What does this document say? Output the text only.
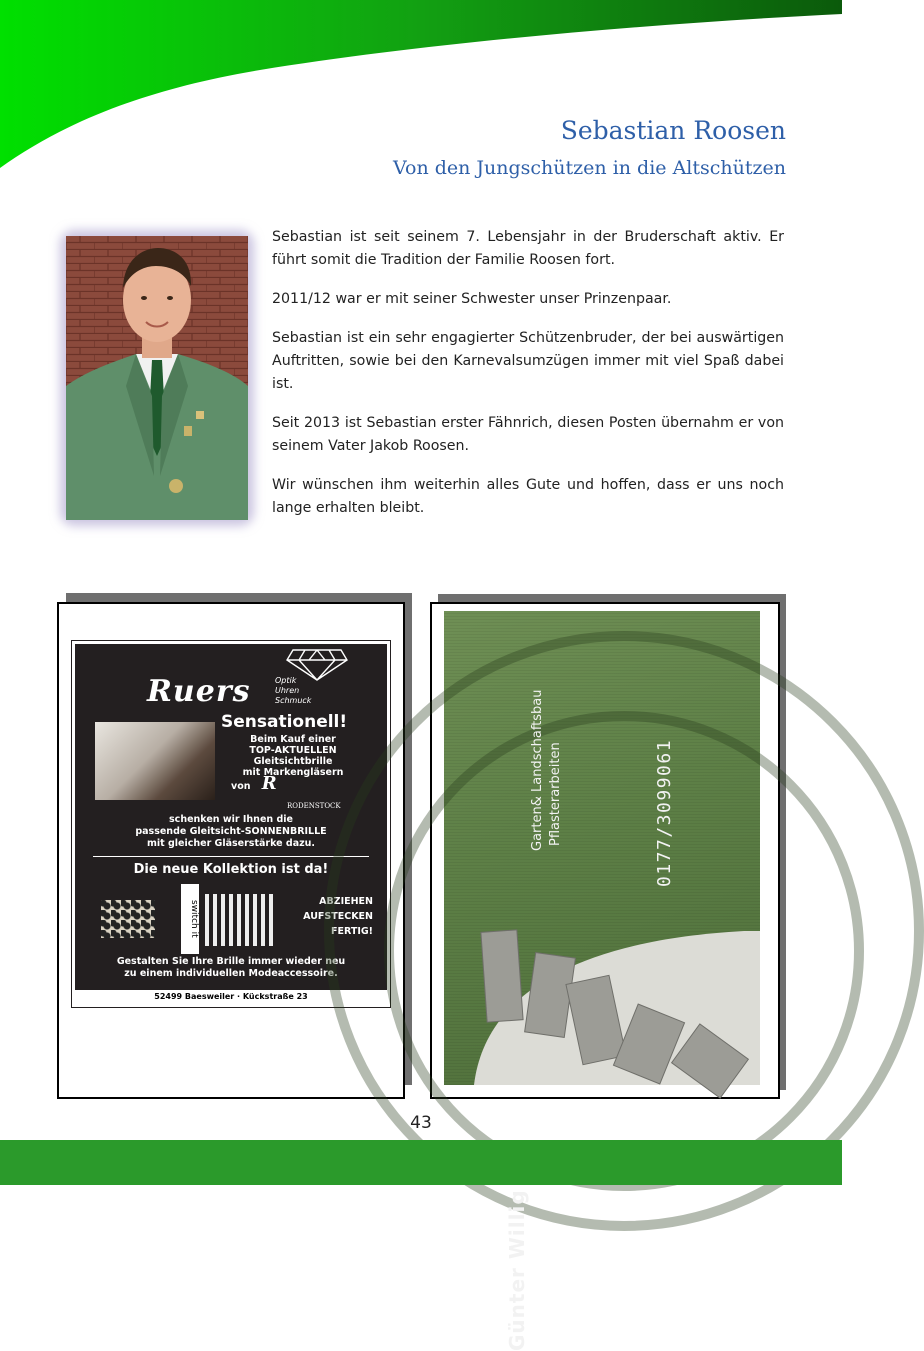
Sebastian Roosen
Von den Jungschützen in die Altschützen

Sebastian ist seit seinem 7. Lebensjahr in der Bruderschaft aktiv. Er führt somit die Tradition der Familie Roosen fort.

2011/12 war er mit seiner Schwester unser Prinzenpaar.

Sebastian ist ein sehr engagierter Schützenbruder, der bei auswärtigen Auftritten, sowie bei den Karnevalsumzügen immer mit viel Spaß dabei ist.

Seit 2013 ist Sebastian erster Fähnrich, diesen Posten übernahm er von seinem Vater Jakob Roosen.

Wir wünschen ihm weiterhin alles Gute und hoffen, dass er uns noch lange erhalten bleibt.

Ruers	Optik
Uhren
Schmuck
Sensationell!
Beim Kauf einer
TOP-AKTUELLEN
Gleitsichtbrille
mit Markengläsern
von R
RODENSTOCK
schenken wir Ihnen die
passende Gleitsicht-SONNENBRILLE
mit gleicher Gläserstärke dazu.
Die neue Kollektion ist da!
switch it	ABZIEHEN
AUFSTECKEN
FERTIG!
Gestalten Sie Ihre Brille immer wieder neu
zu einem individuellen Modeaccessoire.
52499 Baesweiler · Kückstraße 23
Günter Willig
Garten& Landschaftsbau Pflasterarbeiten	0177/3099061
43
